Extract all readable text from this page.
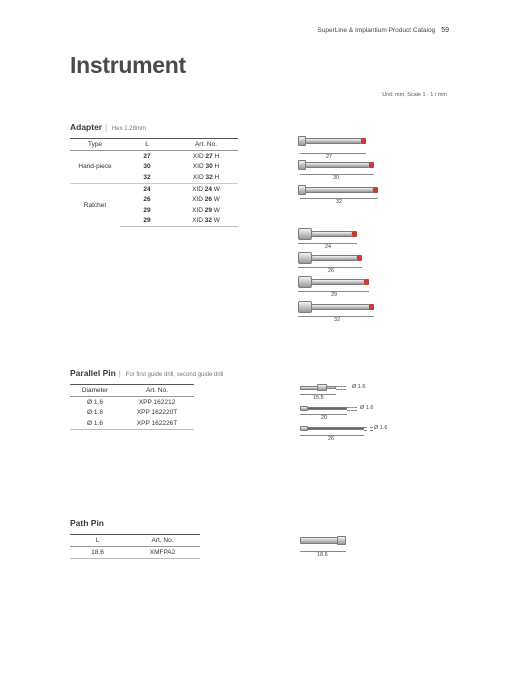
SuperLine & Implantium Product Catalog 59
Instrument
Unit: mm, Scale 1 : 1 / mm
Adapter | Hex 1.28mm
Type	L	Art. No.
Hand-piece	27	XID 27 H
	30	XID 30 H
	32	XID 32 H
Ratchet	24	XID 24 W
	26	XID 26 W
	29	XID 29 W
	29	XID 32 W
27
30
32
24
26
29
32
Parallel Pin | For first guide drill, second guide drill
Diameter	Art. No.
Ø 1.6	XPP 162212
Ø 1.6	XPP 162220T
Ø 1.6	XPP 162226T
Ø 1.6
15.5
Ø 1.6
20
Ø 1.6
26
Path Pin
L	Art. No.
18.6	XMFPA2	18.6
